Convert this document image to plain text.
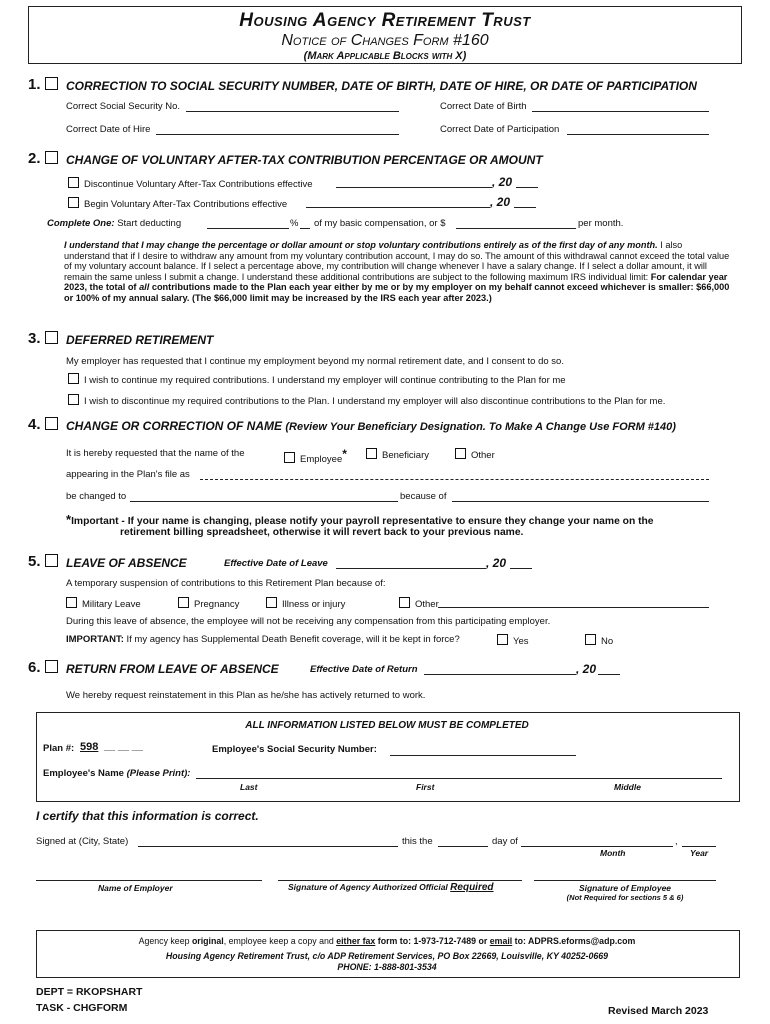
Housing Agency Retirement Trust
Notice of Changes Form #160
(Mark Applicable Blocks with X)
1.	CORRECTION TO SOCIAL SECURITY NUMBER, DATE OF BIRTH, DATE OF HIRE, OR DATE OF PARTICIPATION
Correct Social Security No.	Correct Date of Birth
Correct Date of Hire	Correct Date of Participation
2.	CHANGE OF VOLUNTARY AFTER-TAX CONTRIBUTION PERCENTAGE OR AMOUNT
Discontinue Voluntary After-Tax Contributions effective	, 20
Begin Voluntary After-Tax Contributions effective	, 20
Complete One: Start deducting	% of my basic compensation, or $	per month.
I understand that I may change the percentage or dollar amount or stop voluntary contributions entirely as of the first day of any month. I also understand that if I desire to withdraw any amount from my voluntary contribution account, I may do so. The amount of this withdrawal cannot exceed the total value of my voluntary account balance. If I select a percentage above, my contribution will change whenever I have a salary change. If I select a dollar amount, it will remain the same unless I submit a change. I understand these additional contributions are subject to the following maximum IRS individual limit: For calendar year 2023, the total of all contributions made to the Plan each year either by me or by my employer on my behalf cannot exceed whichever is smaller: $66,000 or 100% of my annual salary. (The $66,000 limit may be increased by the IRS each year after 2023.)
3.	DEFERRED RETIREMENT
My employer has requested that I continue my employment beyond my normal retirement date, and I consent to do so.
I wish to continue my required contributions. I understand my employer will continue contributing to the Plan for me
I wish to discontinue my required contributions to the Plan. I understand my employer will also discontinue contributions to the Plan for me.
4.	CHANGE OR CORRECTION OF NAME (Review Your Beneficiary Designation. To Make A Change Use FORM #140)
It is hereby requested that the name of the
Employee*	Beneficiary	Other
appearing in the Plan's file as
be changed to	because of
*Important - If your name is changing, please notify your payroll representative to ensure they change your name on the
retirement billing spreadsheet, otherwise it will revert back to your previous name.
5.	LEAVE OF ABSENCE	Effective Date of Leave	, 20
A temporary suspension of contributions to this Retirement Plan because of:
Military Leave	Pregnancy	Illness or injury	Other
During this leave of absence, the employee will not be receiving any compensation from this participating employer.
IMPORTANT: If my agency has Supplemental Death Benefit coverage, will it be kept in force?	Yes	No
6.	RETURN FROM LEAVE OF ABSENCE	Effective Date of Return	, 20
We hereby request reinstatement in this Plan as he/she has actively returned to work.
ALL INFORMATION LISTED BELOW MUST BE COMPLETED
Plan #: 598 __ __ __	Employee's Social Security Number:
Employee's Name (Please Print):
Last	First	Middle
I certify that this information is correct.
Signed at (City, State)	this the	day of	,
Month	Year
Name of Employer	Signature of Agency Authorized Official Required	Signature of Employee
(Not Required for sections 5 & 6)
Agency keep original, employee keep a copy and either fax form to: 1-973-712-7489 or email to: ADPRS.eforms@adp.com
Housing Agency Retirement Trust, c/o ADP Retirement Services, PO Box 22669, Louisville, KY 40252-0669
PHONE: 1-888-801-3534
DEPT = RKOPSHART
TASK - CHGFORM	Revised March 2023
